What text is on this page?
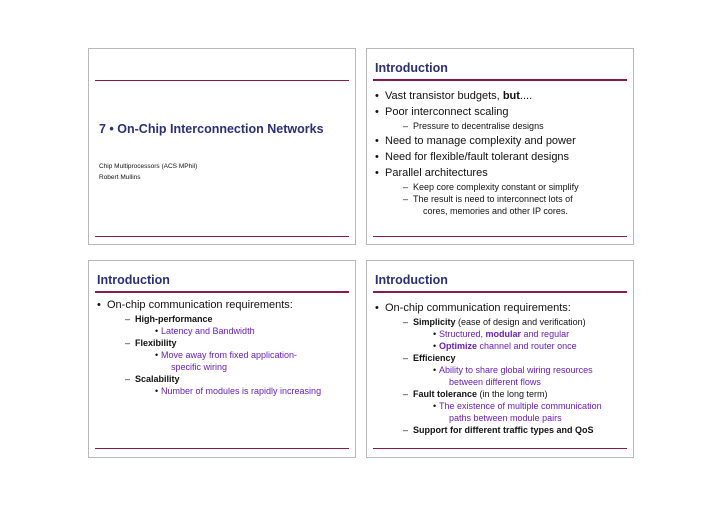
7 • On-Chip Interconnection Networks
Chip Multiprocessors (ACS MPhil)
Robert Mullins
Introduction
• Vast transistor budgets, but....
• Poor interconnect scaling
– Pressure to decentralise designs
• Need to manage complexity and power
• Need for flexible/fault tolerant designs
• Parallel architectures
– Keep core complexity constant or simplify
– The result is need to interconnect lots of
cores, memories and other IP cores.
Introduction
• On-chip communication requirements:
– High-performance
• Latency and Bandwidth
– Flexibility
• Move away from fixed application-
specific wiring
– Scalability
• Number of modules is rapidly increasing
Introduction
• On-chip communication requirements:
– Simplicity (ease of design and verification)
• Structured, modular and regular
• Optimize channel and router once
– Efficiency
• Ability to share global wiring resources
between different flows
– Fault tolerance (in the long term)
• The existence of multiple communication
paths between module pairs
– Support for different traffic types and QoS
